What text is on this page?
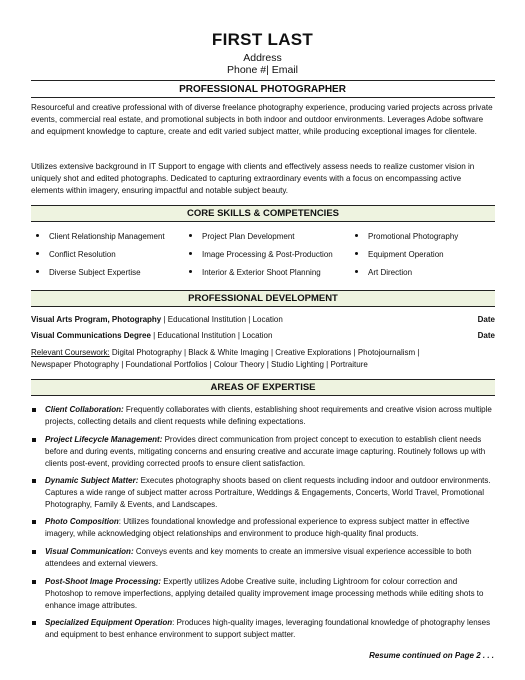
FIRST LAST
Address
Phone #| Email
PROFESSIONAL PHOTOGRAPHER
Resourceful and creative professional with of diverse freelance photography experience, producing varied projects across private events, commercial real estate, and promotional subjects in both indoor and outdoor environments. Leverages Adobe software and equipment knowledge to capture, create and edit varied subject matter, while producing exceptional images for clientele.
Utilizes extensive background in IT Support to engage with clients and effectively assess needs to realize customer vision in uniquely shot and edited photographs. Dedicated to capturing extraordinary events with a focus on encompassing active elements within imagery, ensuring impactful and notable subject beauty.
CORE SKILLS & COMPETENCIES
Client Relationship Management
Conflict Resolution
Diverse Subject Expertise
Project Plan Development
Image Processing & Post-Production
Interior & Exterior Shoot Planning
Promotional Photography
Equipment Operation
Art Direction
PROFESSIONAL DEVELOPMENT
Visual Arts Program, Photography | Educational Institution | Location	Date
Visual Communications Degree | Educational Institution | Location	Date
Relevant Coursework: Digital Photography | Black & White Imaging | Creative Explorations | Photojournalism |
Newspaper Photography | Foundational Portfolios | Colour Theory | Studio Lighting | Portraiture
AREAS OF EXPERTISE
Client Collaboration: Frequently collaborates with clients, establishing shoot requirements and creative vision across multiple projects, collecting details and client requests while defining expectations.
Project Lifecycle Management: Provides direct communication from project concept to execution to establish client needs before and during events, mitigating concerns and ensuring creative and accurate image capturing. Routinely follows up with clients post-event, providing corrected proofs to ensure client satisfaction.
Dynamic Subject Matter: Executes photography shoots based on client requests including indoor and outdoor environments. Captures a wide range of subject matter across Portraiture, Weddings & Engagements, Concerts, World Travel, Promotional Photography, Family & Events, and Landscapes.
Photo Composition: Utilizes foundational knowledge and professional experience to express subject matter in effective imagery, while acknowledging object relationships and environment to produce high-quality final products.
Visual Communication: Conveys events and key moments to create an immersive visual experience accessible to both attendees and external viewers.
Post-Shoot Image Processing: Expertly utilizes Adobe Creative suite, including Lightroom for colour correction and Photoshop to remove imperfections, applying detailed quality improvement image processing methods while editing shots to enhance image attributes.
Specialized Equipment Operation: Produces high-quality images, leveraging foundational knowledge of photography lenses and equipment to best enhance environment to support subject matter.
Resume continued on Page 2 . . .
